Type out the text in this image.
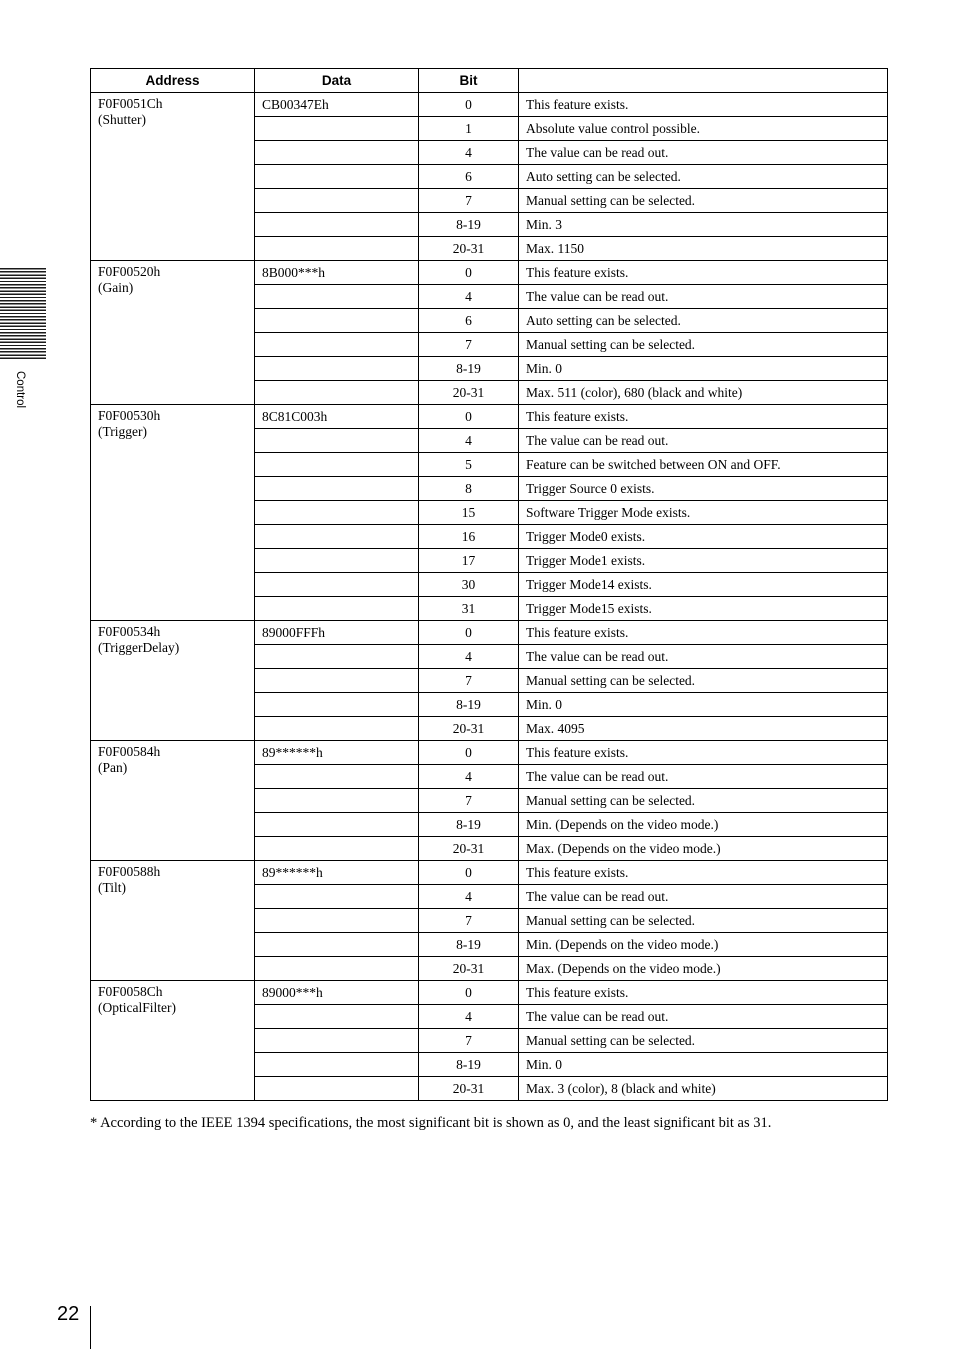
Control
Address	Data	Bit	

F0F0051Ch
(Shutter)	CB00347Eh	0	This feature exists.
		1	Absolute value control possible.
		4	The value can be read out.
		6	Auto setting can be selected.
		7	Manual setting can be selected.
		8-19	Min. 3
		20-31	Max. 1150

F0F00520h
(Gain)	8B000***h	0	This feature exists.
		4	The value can be read out.
		6	Auto setting can be selected.
		7	Manual setting can be selected.
		8-19	Min. 0
		20-31	Max. 511 (color), 680 (black and white)

F0F00530h
(Trigger)	8C81C003h	0	This feature exists.
		4	The value can be read out.
		5	Feature can be switched between ON and OFF.
		8	Trigger Source 0 exists.
		15	Software Trigger Mode exists.
		16	Trigger Mode0 exists.
		17	Trigger Mode1 exists.
		30	Trigger Mode14 exists.
		31	Trigger Mode15 exists.

F0F00534h
(TriggerDelay)	89000FFFh	0	This feature exists.
		4	The value can be read out.
		7	Manual setting can be selected.
		8-19	Min. 0
		20-31	Max. 4095

F0F00584h
(Pan)	89******h	0	This feature exists.
		4	The value can be read out.
		7	Manual setting can be selected.
		8-19	Min. (Depends on the video mode.)
		20-31	Max. (Depends on the video mode.)

F0F00588h
(Tilt)	89******h	0	This feature exists.
		4	The value can be read out.
		7	Manual setting can be selected.
		8-19	Min. (Depends on the video mode.)
		20-31	Max. (Depends on the video mode.)

F0F0058Ch
(OpticalFilter)	89000***h	0	This feature exists.
		4	The value can be read out.
		7	Manual setting can be selected.
		8-19	Min. 0
		20-31	Max. 3 (color), 8 (black and white)
* According to the IEEE 1394 specifications, the most significant bit is shown as 0, and the least significant bit as 31.
22
